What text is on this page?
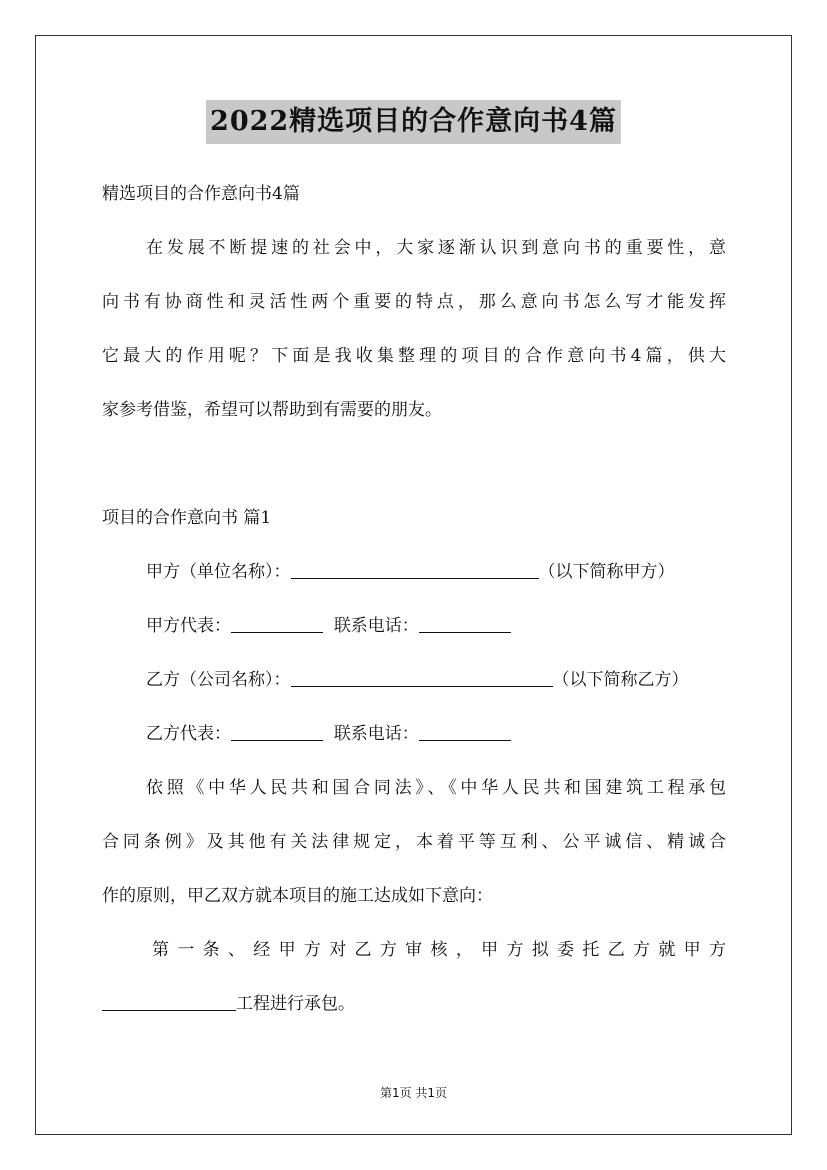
2022精选项目的合作意向书4篇
精选项目的合作意向书4篇
在发展不断提速的社会中，大家逐渐认识到意向书的重要性，意
向书有协商性和灵活性两个重要的特点，那么意向书怎么写才能发挥
它最大的作用呢？下面是我收集整理的项目的合作意向书4篇，供大
家参考借鉴，希望可以帮助到有需要的朋友。
项目的合作意向书 篇1
甲方（单位名称）：	（以下简称甲方）
甲方代表：	联系电话：
乙方（公司名称）：	（以下简称乙方）
乙方代表：	联系电话：
依照《中华人民共和国合同法》、《中华人民共和国建筑工程承包
合同条例》及其他有关法律规定，本着平等互利、公平诚信、精诚合
作的原则，甲乙双方就本项目的施工达成如下意向：
第一条、经甲方对乙方审核，甲方拟委托乙方就甲方
工程进行承包。
第1页 共1页
